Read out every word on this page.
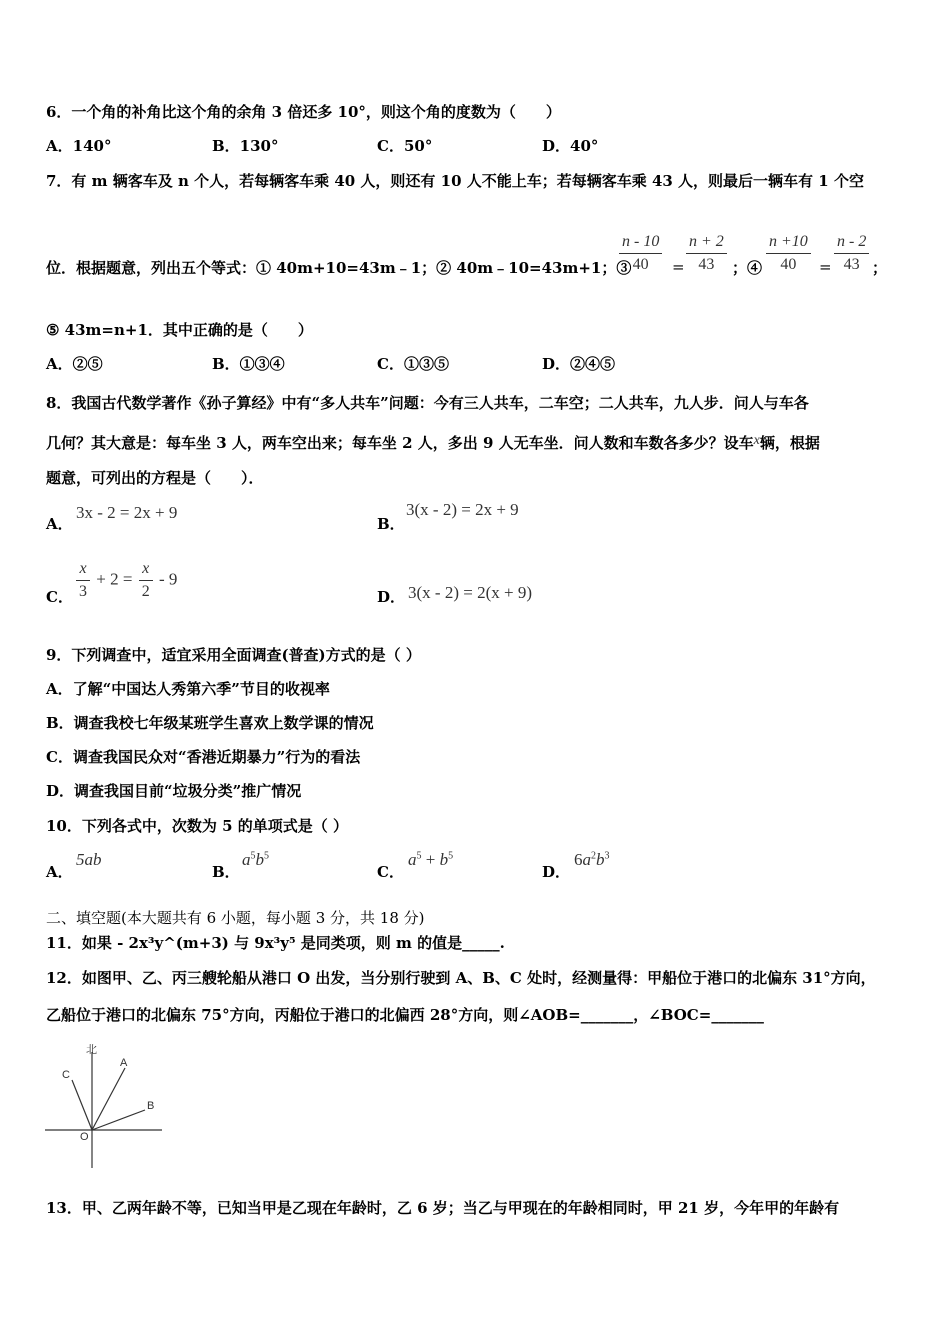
6．一个角的补角比这个角的余角 3 倍还多 10°，则这个角的度数为（　　）
A．140°	B．130°	C．50°	D．40°
7．有 m 辆客车及 n 个人，若每辆客车乘 40 人，则还有 10 人不能上车；若每辆客车乘 43 人，则最后一辆车有 1 个空
位．根据题意，列出五个等式：① 40m+10=43m﹣1；② 40m﹣10=43m+1；③
$\frac{n - 10}{40} = \frac{n + 2}{43}$ ；④ $\frac{n +10}{40} = \frac{n - 2}{43}$ ；
⑤ 43m=n+1．其中正确的是（　　）
A．②⑤	B．①③④	C．①③⑤	D．②④⑤
8．我国古代数学著作《孙子算经》中有“多人共车”问题：今有三人共车，二车空；二人共车，九人步．问人与车各
几何？其大意是：每车坐 3 人，两车空出来；每车坐 2 人，多出 9 人无车坐．问人数和车数各多少？设车x辆，根据
题意，可列出的方程是（　　）．
A．
3x - 2 = 2x + 9
B．
3(x - 2) = 2x + 9
C． $\frac{x}{3} + 2 = \frac{x}{2} - 9$
D． 3(x - 2) = 2(x + 9)
9．下列调查中，适宜采用全面调查(普查)方式的是（ ）
A．了解“中国达人秀第六季”节目的收视率
B．调查我校七年级某班学生喜欢上数学课的情况
C．调查我国民众对“香港近期暴力”行为的看法
D．调查我国目前“垃圾分类”推广情况
10．下列各式中，次数为 5 的单项式是（ ）
A．
5ab
B．
$a^5b^5$
C．
$a^5 + b^5$
D．
$6a^2b^3$
二、填空题(本大题共有 6 小题，每小题 3 分，共 18 分)
11．如果 - 2x³y^(m+3) 与 9x³y⁵ 是同类项，则 m 的值是_____.
12．如图甲、乙、丙三艘轮船从港口 O 出发，当分别行驶到 A、B、C 处时，经测量得：甲船位于港口的北偏东 31°方向，
乙船位于港口的北偏东 75°方向，丙船位于港口的北偏西 28°方向，则∠AOB=_______，∠BOC=_______
北
A
B
C
O
13．甲、乙两年龄不等，已知当甲是乙现在年龄时，乙 6 岁；当乙与甲现在的年龄相同时，甲 21 岁，今年甲的年龄有
